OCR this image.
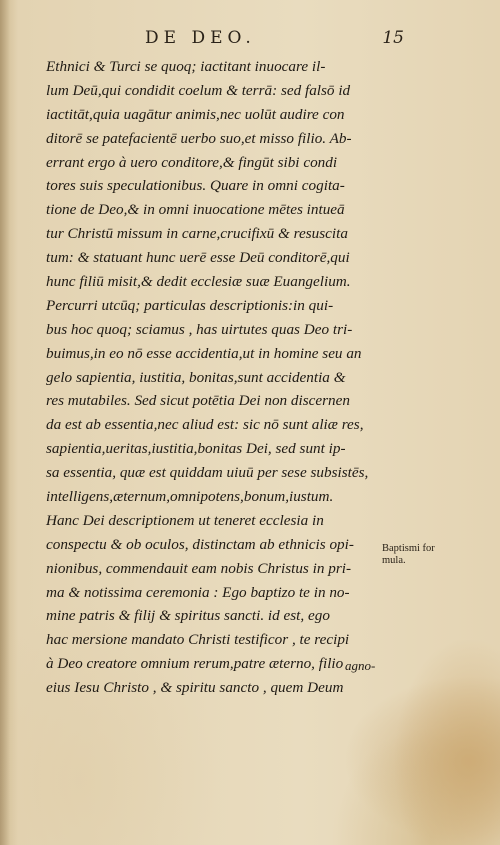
DE DEO.	15
Ethnici & Turci se quoq; iactitant inuocare il-
lum Deū,qui condidit coelum & terrā: sed falsō id
iactitāt,quia uagātur animis,nec uolūt audire con
ditorē se patefacientē uerbo suo,et misso filio. Ab-
errant ergo à uero conditore,& fingūt sibi condi
tores suis speculationibus. Quare in omni cogita-
tione de Deo,& in omni inuocatione mētes intueā
tur Christū missum in carne,crucifixū & resuscita
tum: & statuant hunc uerē esse Deū conditorē,qui
hunc filiū misit,& dedit ecclesiæ suæ Euangelium.
Percurri utcūq; particulas descriptionis:in qui-
bus hoc quoq; sciamus , has uirtutes quas Deo tri-
buimus,in eo nō esse accidentia,ut in homine seu an
gelo sapientia, iustitia, bonitas,sunt accidentia &
res mutabiles. Sed sicut potētia Dei non discernen
da est ab essentia,nec aliud est: sic nō sunt aliæ res,
sapientia,ueritas,iustitia,bonitas Dei, sed sunt ip-
sa essentia, quæ est quiddam uiuū per sese subsistēs,
intelligens,æternum,omnipotens,bonum,iustum.
Hanc Dei descriptionem ut teneret ecclesia in
conspectu & ob oculos, distinctam ab ethnicis opi-
nionibus, commendauit eam nobis Christus in pri-
ma & notissima ceremonia : Ego baptizo te in no-
mine patris & filij & spiritus sancti. id est, ego
hac mersione mandato Christi testificor , te recipi
à Deo creatore omnium rerum,patre æterno, filio
eius Iesu Christo , & spiritu sancto , quem Deum
Baptismi for
mula.
agno-
